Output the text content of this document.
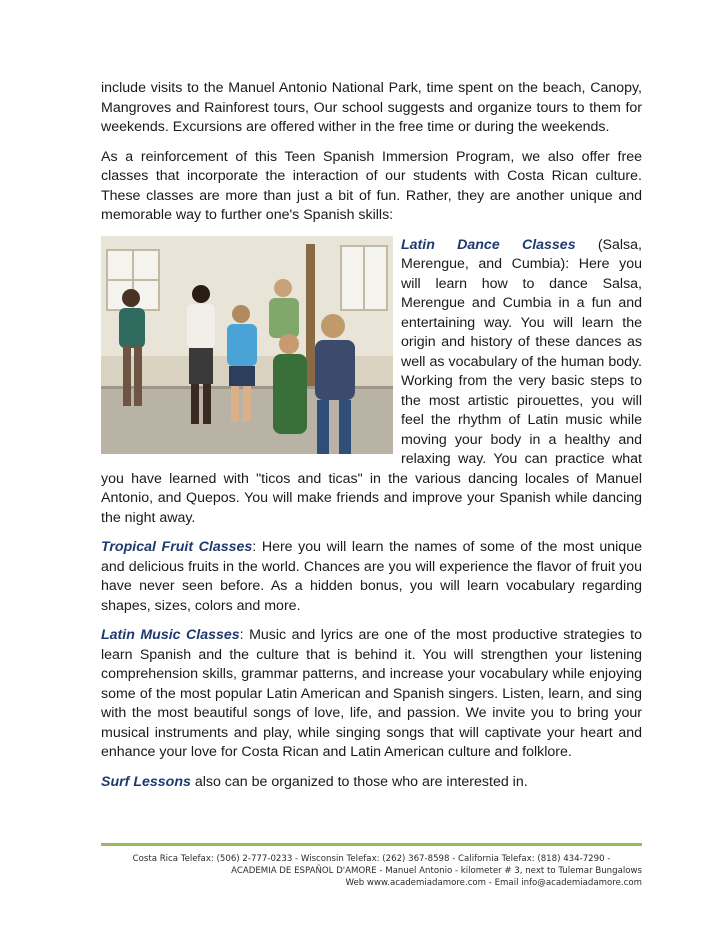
include visits to the Manuel Antonio National Park, time spent on the beach, Canopy, Mangroves and Rainforest tours, Our school suggests and organize tours to them for weekends. Excursions are offered wither in the free time or during the weekends.

As a reinforcement of this Teen Spanish Immersion Program, we also offer free classes that incorporate the interaction of our students with Costa Rican culture. These classes are more than just a bit of fun. Rather, they are another unique and memorable way to further one's Spanish skills:

Latin Dance Classes (Salsa, Merengue, and Cumbia): Here you will learn how to dance Salsa, Merengue and Cumbia in a fun and entertaining way. You will learn the origin and history of these dances as well as vocabulary of the human body. Working from the very basic steps to the most artistic pirouettes, you will feel the rhythm of Latin music while moving your body in a healthy and relaxing way. You can practice what you have learned with "ticos and ticas" in the various dancing locales of Manuel Antonio, and Quepos. You will make friends and improve your Spanish while dancing the night away.

Tropical Fruit Classes: Here you will learn the names of some of the most unique and delicious fruits in the world. Chances are you will experience the flavor of fruit you have never seen before. As a hidden bonus, you will learn vocabulary regarding shapes, sizes, colors and more.

Latin Music Classes: Music and lyrics are one of the most productive strategies to learn Spanish and the culture that is behind it. You will strengthen your listening comprehension skills, grammar patterns, and increase your vocabulary while enjoying some of the most popular Latin American and Spanish singers. Listen, learn, and sing with the most beautiful songs of love, life, and passion. We invite you to bring your musical instruments and play, while singing songs that will captivate your heart and enhance your love for Costa Rican and Latin American culture and folklore.

Surf Lessons also can be organized to those who are interested in.

Costa Rica Telefax: (506) 2-777-0233 - Wisconsin Telefax: (262) 367-8598 - California Telefax: (818) 434-7290 -
ACADEMIA DE ESPAÑOL D'AMORE - Manuel Antonio - kilometer # 3, next to Tulemar Bungalows
Web www.academiadamore.com - Email info@academiadamore.com
